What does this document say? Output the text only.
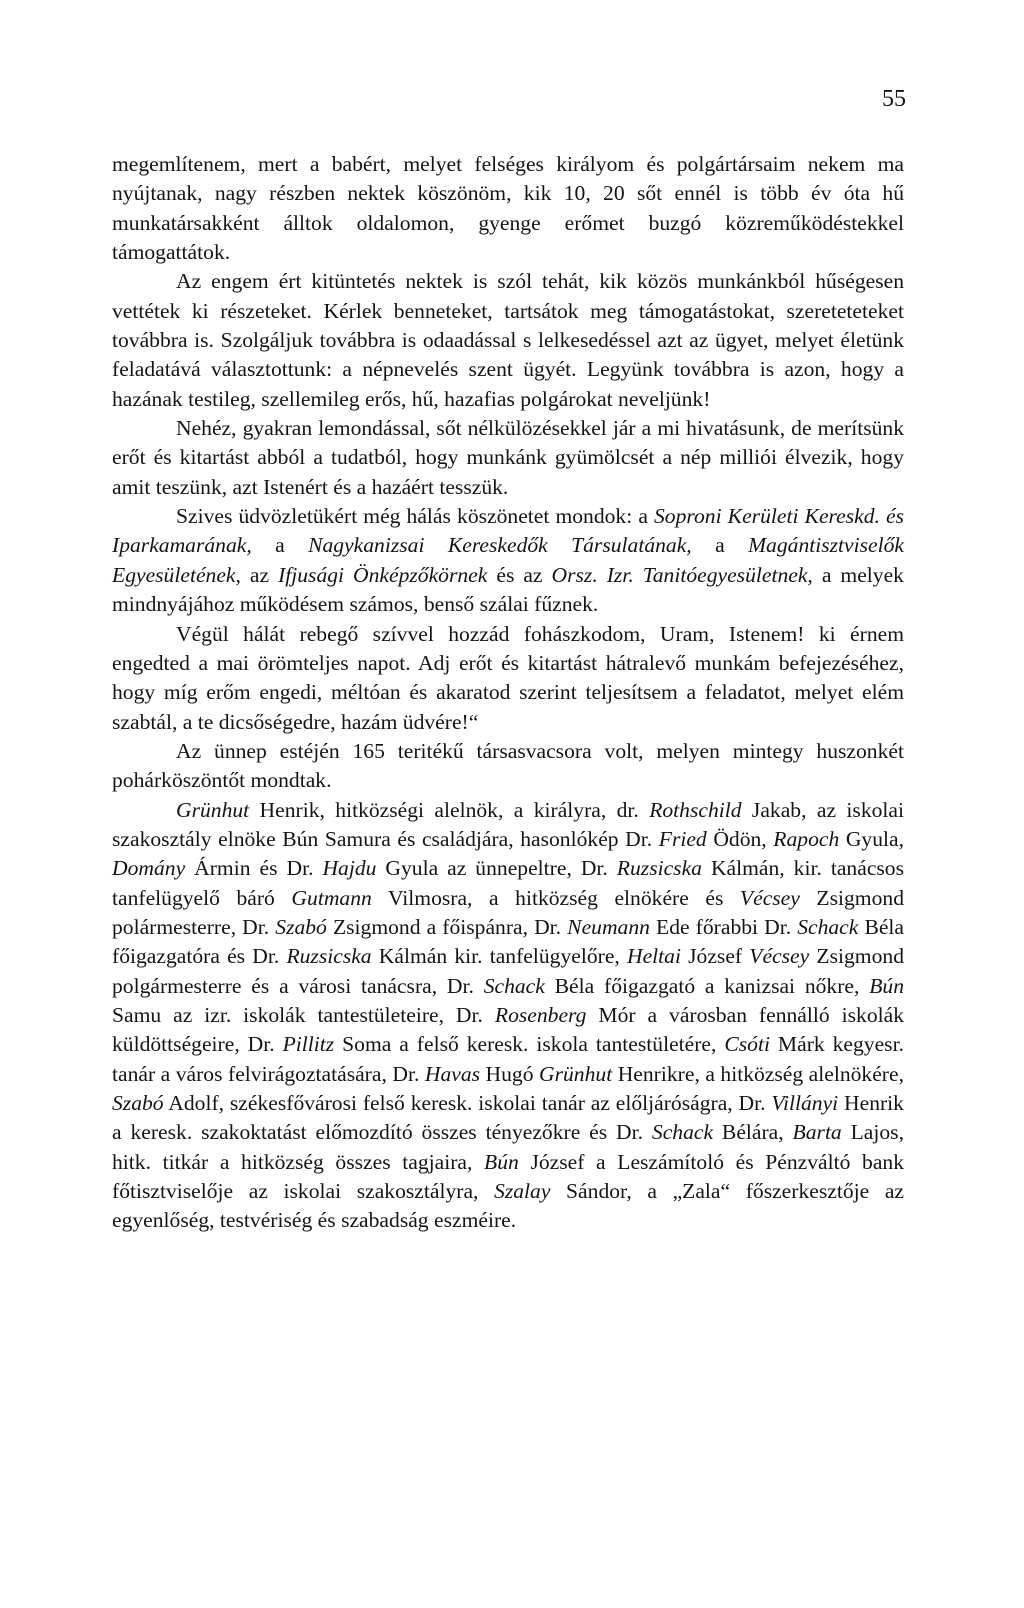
55

megemlítenem, mert a babért, melyet felséges királyom és polgártársaim nekem ma nyújtanak, nagy részben nektek köszönöm, kik 10, 20 sőt ennél is több év óta hű munkatársakként álltok oldalomon, gyenge erőmet buzgó közreműködéstekkel támogattátok.

Az engem ért kitüntetés nektek is szól tehát, kik közös munkánkból hűségesen vettétek ki részeteket. Kérlek benneteket, tartsátok meg támogatástokat, szereteteteket továbbra is. Szolgáljuk továbbra is odaadással s lelkesedéssel azt az ügyet, melyet életünk feladatává választottunk: a népnevelés szent ügyét. Legyünk továbbra is azon, hogy a hazának testileg, szellemileg erős, hű, hazafias polgárokat neveljünk!

Nehéz, gyakran lemondással, sőt nélkülözésekkel jár a mi hivatásunk, de merítsünk erőt és kitartást abból a tudatból, hogy munkánk gyümölcsét a nép milliói élvezik, hogy amit teszünk, azt Istenért és a hazáért tesszük.

Szives üdvözletükért még hálás köszönetet mondok: a Soproni Kerületi Kereskd. és Iparkamarának, a Nagykanizsai Kereskedők Társulatának, a Magántisztviselők Egyesületének, az Ifjusági Önképzőkörnek és az Orsz. Izr. Tanitóegyesületnek, a melyek mindnyájához működésem számos, benső szálai fűznek.

Végül hálát rebegő szívvel hozzád fohászkodom, Uram, Istenem! ki érnem engedted a mai örömteljes napot. Adj erőt és kitartást hátralevő munkám befejezéséhez, hogy míg erőm engedi, méltóan és akaratod szerint teljesítsem a feladatot, melyet elém szabtál, a te dicsőségedre, hazám üdvére!“

Az ünnep estéjén 165 teritékű társasvacsora volt, melyen mintegy huszonkét pohárköszöntőt mondtak.

Grünhut Henrik, hitközségi alelnök, a királyra, dr. Rothschild Jakab, az iskolai szakosztály elnöke Bún Samura és családjára, hasonlókép Dr. Fried Ödön, Rapoch Gyula, Domány Ármin és Dr. Hajdu Gyula az ünnepeltre, Dr. Ruzsicska Kálmán, kir. tanácsos tanfelügyelő báró Gutmann Vilmosra, a hitközség elnökére és Vécsey Zsigmond polármesterre, Dr. Szabó Zsigmond a főispánra, Dr. Neumann Ede főrabbi Dr. Schack Béla főigazgatóra és Dr. Ruzsicska Kálmán kir. tanfelügyelőre, Heltai József Vécsey Zsigmond polgármesterre és a városi tanácsra, Dr. Schack Béla főigazgató a kanizsai nőkre, Bún Samu az izr. iskolák tantestületeire, Dr. Rosenberg Mór a városban fennálló iskolák küldöttségeire, Dr. Pillitz Soma a felső keresk. iskola tantestületére, Csóti Márk kegyesr. tanár a város felvirágoztatására, Dr. Havas Hugó Grünhut Henrikre, a hitközség alelnökére, Szabó Adolf, székesfővárosi felső keresk. iskolai tanár az előljáróságra, Dr. Villányi Henrik a keresk. szakoktatást előmozdító összes tényezőkre és Dr. Schack Bélára, Barta Lajos, hitk. titkár a hitközség összes tagjaira, Bún József a Leszámítoló és Pénzváltó bank főtisztviselője az iskolai szakosztályra, Szalay Sándor, a „Zala“ főszerkesztője az egyenlőség, testvériség és szabadság eszméire.
